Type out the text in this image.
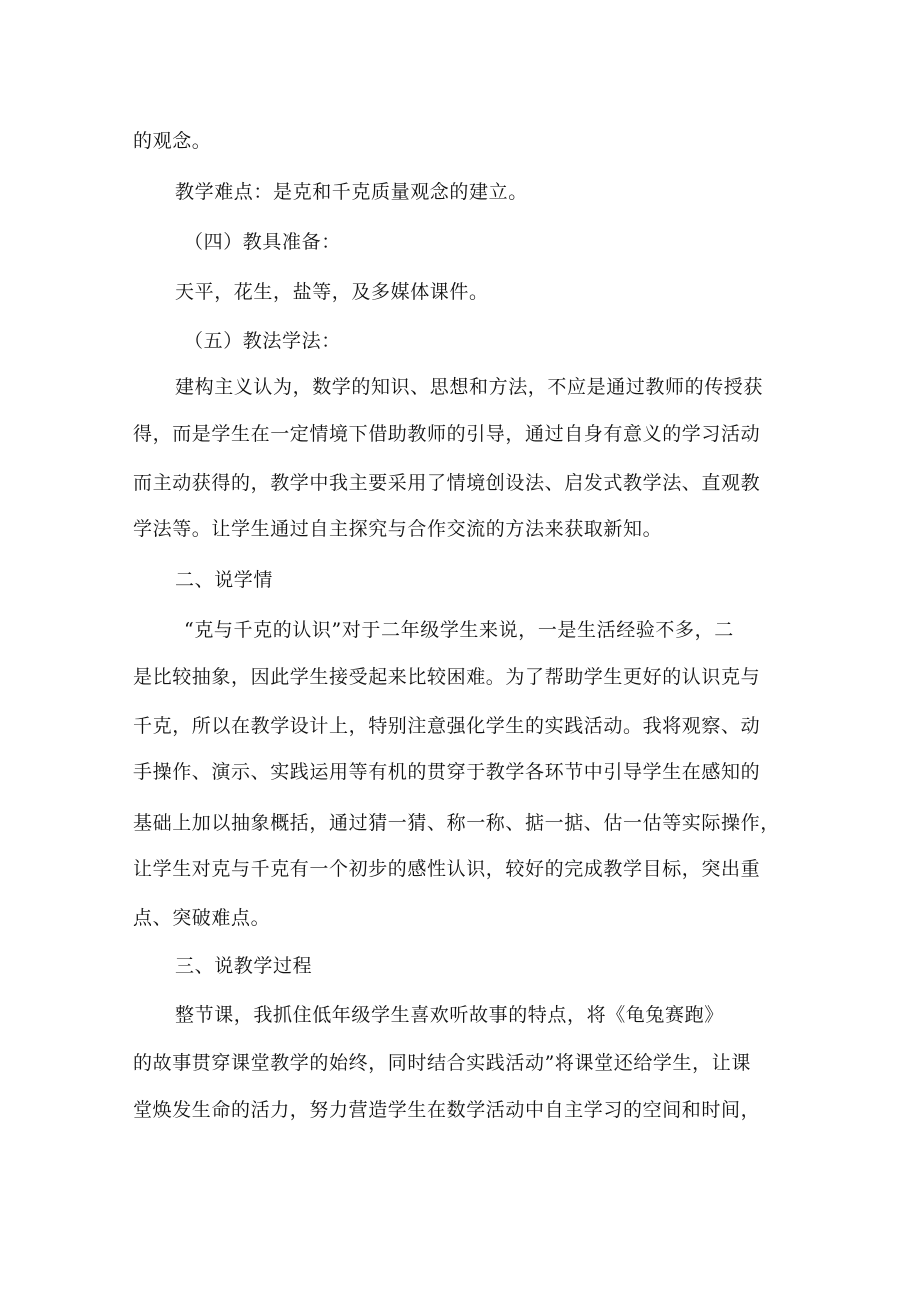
的观念。
教学难点：是克和千克质量观念的建立。
（四）教具准备：
天平，花生，盐等，及多媒体课件。
（五）教法学法：
建构主义认为，数学的知识、思想和方法，不应是通过教师的传授获
得，而是学生在一定情境下借助教师的引导，通过自身有意义的学习活动
而主动获得的，教学中我主要采用了情境创设法、启发式教学法、直观教
学法等。让学生通过自主探究与合作交流的方法来获取新知。
二、说学情
“克与千克的认识”对于二年级学生来说，一是生活经验不多，二
是比较抽象，因此学生接受起来比较困难。为了帮助学生更好的认识克与
千克，所以在教学设计上，特别注意强化学生的实践活动。我将观察、动
手操作、演示、实践运用等有机的贯穿于教学各环节中引导学生在感知的
基础上加以抽象概括，通过猜一猜、称一称、掂一掂、估一估等实际操作，
让学生对克与千克有一个初步的感性认识，较好的完成教学目标，突出重
点、突破难点。
三、说教学过程
整节课，我抓住低年级学生喜欢听故事的特点，将《龟兔赛跑》
的故事贯穿课堂教学的始终，同时结合实践活动”将课堂还给学生，让课
堂焕发生命的活力，努力营造学生在数学活动中自主学习的空间和时间，
